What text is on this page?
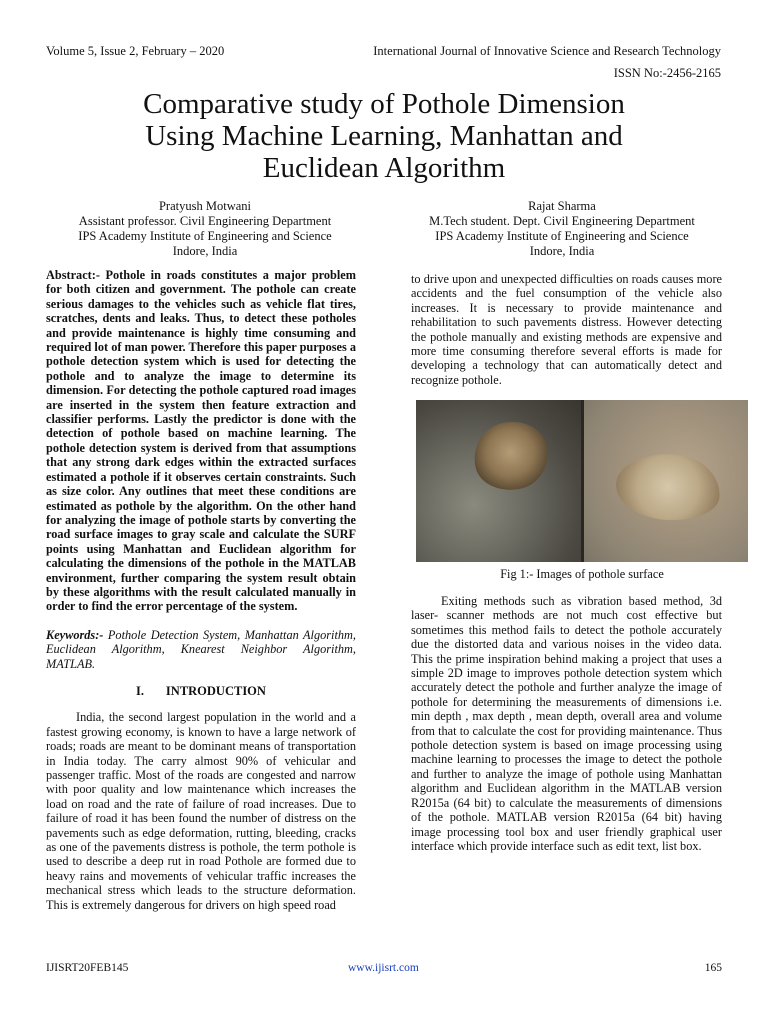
Volume 5, Issue 2, February – 2020	International Journal of Innovative Science and Research Technology
ISSN No:-2456-2165
Comparative study of Pothole Dimension
Using Machine Learning, Manhattan and
Euclidean Algorithm
Pratyush Motwani
Assistant professor. Civil Engineering Department
IPS Academy Institute of Engineering and Science
Indore, India
Rajat Sharma
M.Tech student. Dept. Civil Engineering Department
IPS Academy Institute of Engineering and Science
Indore, India

Abstract:- Pothole in roads constitutes a major problem for both citizen and government. The pothole can create serious damages to the vehicles such as vehicle flat tires, scratches, dents and leaks. Thus, to detect these potholes and provide maintenance is highly time consuming and required lot of man power. Therefore this paper purposes a pothole detection system which is used for detecting the pothole and to analyze the image to determine its dimension. For detecting the pothole captured road images are inserted in the system then feature extraction and classifier performs. Lastly the predictor is done with the detection of pothole based on machine learning. The pothole detection system is derived from that assumptions that any strong dark edges within the extracted surfaces estimated a pothole if it observes certain constraints. Such as size color. Any outlines that meet these conditions are estimated as pothole by the algorithm. On the other hand for analyzing the image of pothole starts by converting the road surface images to gray scale and calculate the SURF points using Manhattan and Euclidean algorithm for calculating the dimensions of the pothole in the MATLAB environment, further comparing the system result obtain by these algorithms with the result calculated manually in order to find the error percentage of the system.

Keywords:- Pothole Detection System, Manhattan Algorithm, Euclidean Algorithm, Knearest Neighbor Algorithm, MATLAB.

I. INTRODUCTION

India, the second largest population in the world and a fastest growing economy, is known to have a large network of roads; roads are meant to be dominant means of transportation in India today. The carry almost 90% of vehicular and passenger traffic. Most of the roads are congested and narrow with poor quality and low maintenance which increases the load on road and the rate of failure of road increases. Due to failure of road it has been found the number of distress on the pavements such as edge deformation, rutting, bleeding, cracks as one of the pavements distress is pothole, the term pothole is used to describe a deep rut in road Pothole are formed due to heavy rains and movements of vehicular traffic increases the mechanical stress which leads to the structure deformation. This is extremely dangerous for drivers on high speed road

to drive upon and unexpected difficulties on roads causes more accidents and the fuel consumption of the vehicle also increases. It is necessary to provide maintenance and rehabilitation to such pavements distress. However detecting the pothole manually and existing methods are expensive and more time consuming therefore several efforts is made for developing a technology that can automatically detect and recognize pothole.

Fig 1:- Images of pothole surface

Exiting methods such as vibration based method, 3d laser- scanner methods are not much cost effective but sometimes this method fails to detect the pothole accurately due the distorted data and various noises in the video data. This the prime inspiration behind making a project that uses a simple 2D image to improves pothole detection system which accurately detect the pothole and further analyze the image of pothole for determining the measurements of dimensions i.e. min depth , max depth , mean depth, overall area and volume from that to calculate the cost for providing maintenance. Thus pothole detection system is based on image processing using machine learning to processes the image to detect the pothole and further to analyze the image of pothole using Manhattan algorithm and Euclidean algorithm in the MATLAB version R2015a (64 bit) to calculate the measurements of dimensions of the pothole. MATLAB version R2015a (64 bit) having image processing tool box and user friendly graphical user interface which provide interface such as edit text, list box.

IJISRT20FEB145	www.ijisrt.com	165
